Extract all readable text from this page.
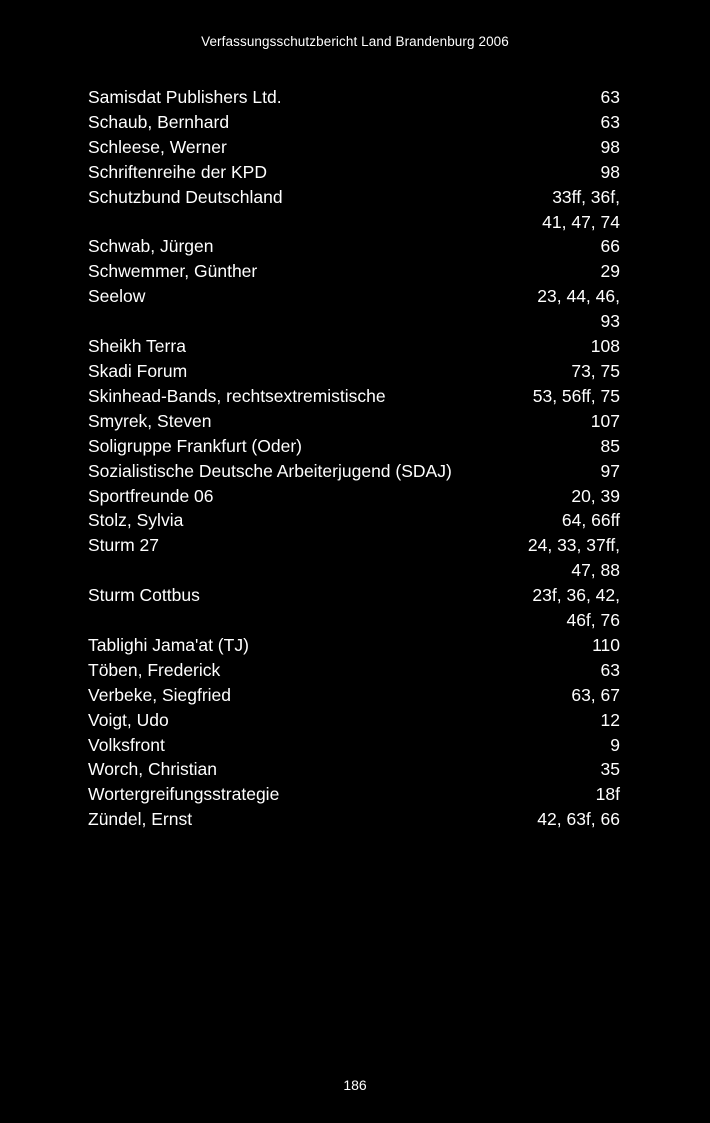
Verfassungsschutzbericht Land Brandenburg 2006
Samisdat Publishers Ltd.	63
Schaub, Bernhard	63
Schleese, Werner	98
Schriftenreihe der KPD	98
Schutzbund Deutschland	33ff, 36f,
41, 47, 74
Schwab, Jürgen	66
Schwemmer, Günther	29
Seelow	23, 44, 46,
93
Sheikh Terra	108
Skadi Forum	73, 75
Skinhead-Bands, rechtsextremistische	53, 56ff, 75
Smyrek, Steven	107
Soligruppe Frankfurt (Oder)	85
Sozialistische Deutsche Arbeiterjugend (SDAJ)	97
Sportfreunde 06	20, 39
Stolz, Sylvia	64, 66ff
Sturm 27	24, 33, 37ff,
47, 88
Sturm Cottbus	23f, 36, 42,
46f, 76
Tablighi Jama'at (TJ)	110
Töben, Frederick	63
Verbeke, Siegfried	63, 67
Voigt, Udo	12
Volksfront	9
Worch, Christian	35
Wortergreifungsstrategie	18f
Zündel, Ernst	42, 63f, 66
186
